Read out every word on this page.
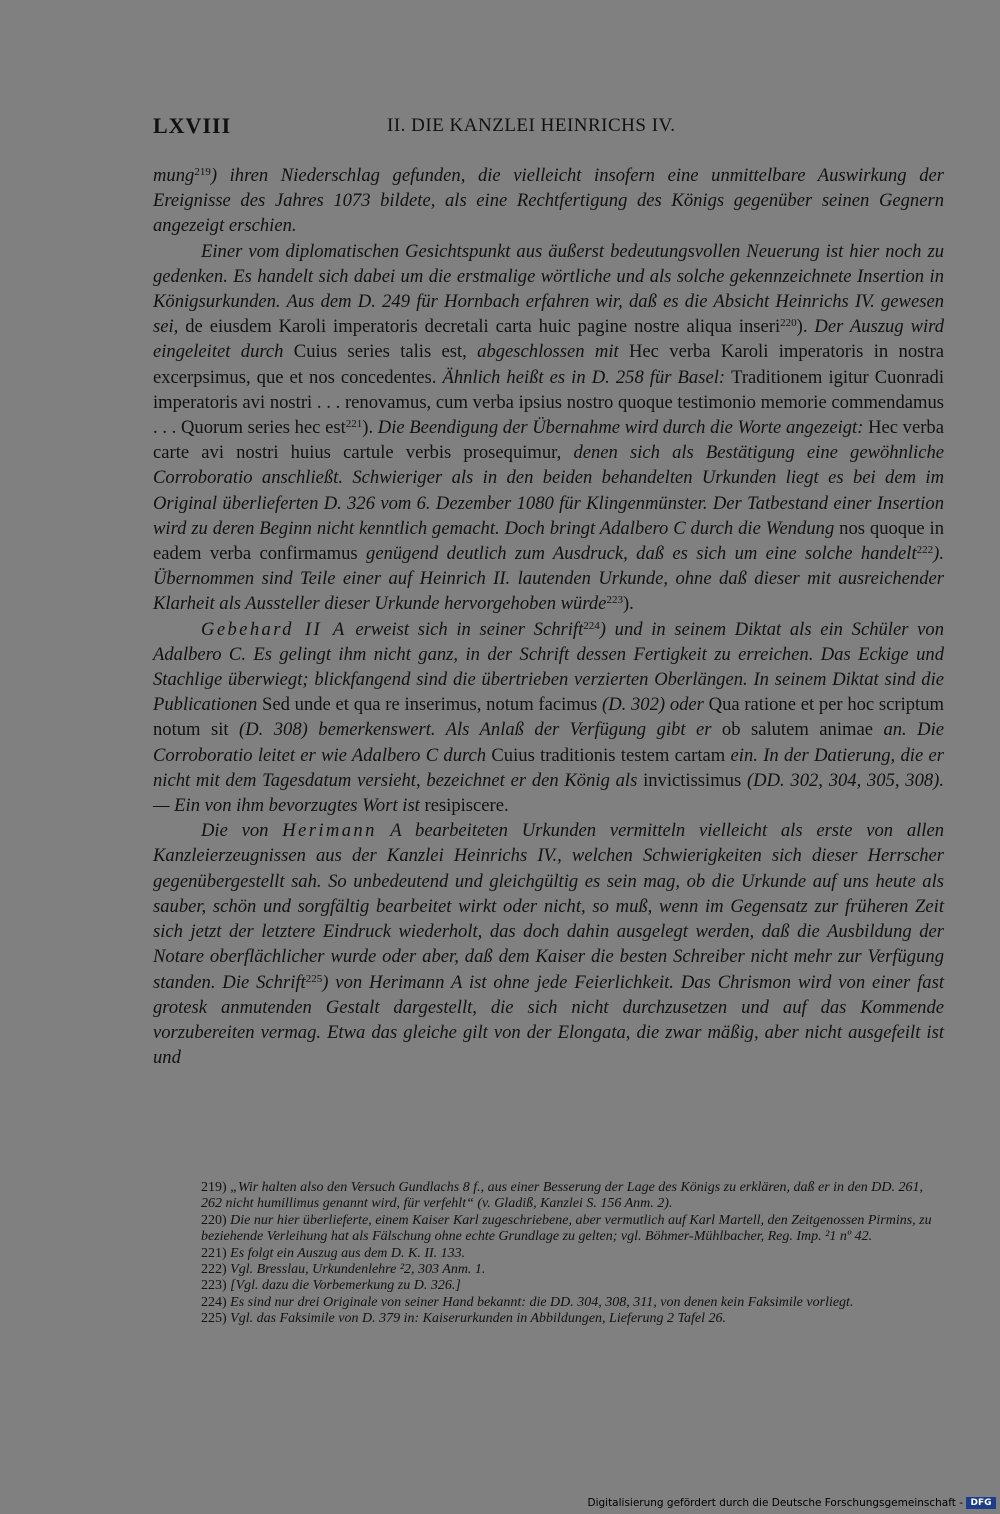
LXVIII	II. DIE KANZLEI HEINRICHS IV.

mung$^{219}$) ihren Niederschlag gefunden, die vielleicht insofern eine unmittelbare Auswirkung der Ereignisse des Jahres 1073 bildete, als eine Rechtfertigung des Königs gegenüber seinen Gegnern angezeigt erschien.

Einer vom diplomatischen Gesichtspunkt aus äußerst bedeutungsvollen Neuerung ist hier noch zu gedenken. Es handelt sich dabei um die erstmalige wörtliche und als solche gekennzeichnete Insertion in Königsurkunden. Aus dem D. 249 für Hornbach erfahren wir, daß es die Absicht Heinrichs IV. gewesen sei, de eiusdem Karoli imperatoris decretali carta huic pagine nostre aliqua inseri$^{220}$). Der Auszug wird eingeleitet durch Cuius series talis est, abgeschlossen mit Hec verba Karoli imperatoris in nostra excerpsimus, que et nos concedentes. Ähnlich heißt es in D. 258 für Basel: Traditionem igitur Cuonradi imperatoris avi nostri . . . renovamus, cum verba ipsius nostro quoque testimonio memorie commendamus . . . Quorum series hec est$^{221}$). Die Beendigung der Übernahme wird durch die Worte angezeigt: Hec verba carte avi nostri huius cartule verbis prosequimur, denen sich als Bestätigung eine gewöhnliche Corroboratio anschließt. Schwieriger als in den beiden behandelten Urkunden liegt es bei dem im Original überlieferten D. 326 vom 6. Dezember 1080 für Klingenmünster. Der Tatbestand einer Insertion wird zu deren Beginn nicht kenntlich gemacht. Doch bringt Adalbero C durch die Wendung nos quoque in eadem verba confirmamus genügend deutlich zum Ausdruck, daß es sich um eine solche handelt$^{222}$). Übernommen sind Teile einer auf Heinrich II. lautenden Urkunde, ohne daß dieser mit ausreichender Klarheit als Aussteller dieser Urkunde hervorgehoben würde$^{223}$).

Gebehard II A erweist sich in seiner Schrift$^{224}$) und in seinem Diktat als ein Schüler von Adalbero C. Es gelingt ihm nicht ganz, in der Schrift dessen Fertigkeit zu erreichen. Das Eckige und Stachlige überwiegt; blickfangend sind die übertrieben verzierten Oberlängen. In seinem Diktat sind die Publicationen Sed unde et qua re inserimus, notum facimus (D. 302) oder Qua ratione et per hoc scriptum notum sit (D. 308) bemerkenswert. Als Anlaß der Verfügung gibt er ob salutem animae an. Die Corroboratio leitet er wie Adalbero C durch Cuius traditionis testem cartam ein. In der Datierung, die er nicht mit dem Tagesdatum versieht, bezeichnet er den König als invictissimus (DD. 302, 304, 305, 308). — Ein von ihm bevorzugtes Wort ist resipiscere.

Die von Herimann A bearbeiteten Urkunden vermitteln vielleicht als erste von allen Kanzleierzeugnissen aus der Kanzlei Heinrichs IV., welchen Schwierigkeiten sich dieser Herrscher gegenübergestellt sah. So unbedeutend und gleichgültig es sein mag, ob die Urkunde auf uns heute als sauber, schön und sorgfältig bearbeitet wirkt oder nicht, so muß, wenn im Gegensatz zur früheren Zeit sich jetzt der letztere Eindruck wiederholt, das doch dahin ausgelegt werden, daß die Ausbildung der Notare oberflächlicher wurde oder aber, daß dem Kaiser die besten Schreiber nicht mehr zur Verfügung standen. Die Schrift$^{225}$) von Herimann A ist ohne jede Feierlichkeit. Das Chrismon wird von einer fast grotesk anmutenden Gestalt dargestellt, die sich nicht durchzusetzen und auf das Kommende vorzubereiten vermag. Etwa das gleiche gilt von der Elongata, die zwar mäßig, aber nicht ausgefeilt ist und

219) „Wir halten also den Versuch Gundlachs 8 f., aus einer Besserung der Lage des Königs zu erklären, daß er in den DD. 261, 262 nicht humillimus genannt wird, für verfehlt“ (v. Gladiß, Kanzlei S. 156 Anm. 2).

220) Die nur hier überlieferte, einem Kaiser Karl zugeschriebene, aber vermutlich auf Karl Martell, den Zeitgenossen Pirmins, zu beziehende Verleihung hat als Fälschung ohne echte Grundlage zu gelten; vgl. Böhmer-Mühlbacher, Reg. Imp. ²1 nº 42.

221) Es folgt ein Auszug aus dem D. K. II. 133.

222) Vgl. Bresslau, Urkundenlehre ²2, 303 Anm. 1.

223) [Vgl. dazu die Vorbemerkung zu D. 326.]

224) Es sind nur drei Originale von seiner Hand bekannt: die DD. 304, 308, 311, von denen kein Faksimile vorliegt.

225) Vgl. das Faksimile von D. 379 in: Kaiserurkunden in Abbildungen, Lieferung 2 Tafel 26.

Digitalisierung gefördert durch die Deutsche Forschungsgemeinschaft - DFG
